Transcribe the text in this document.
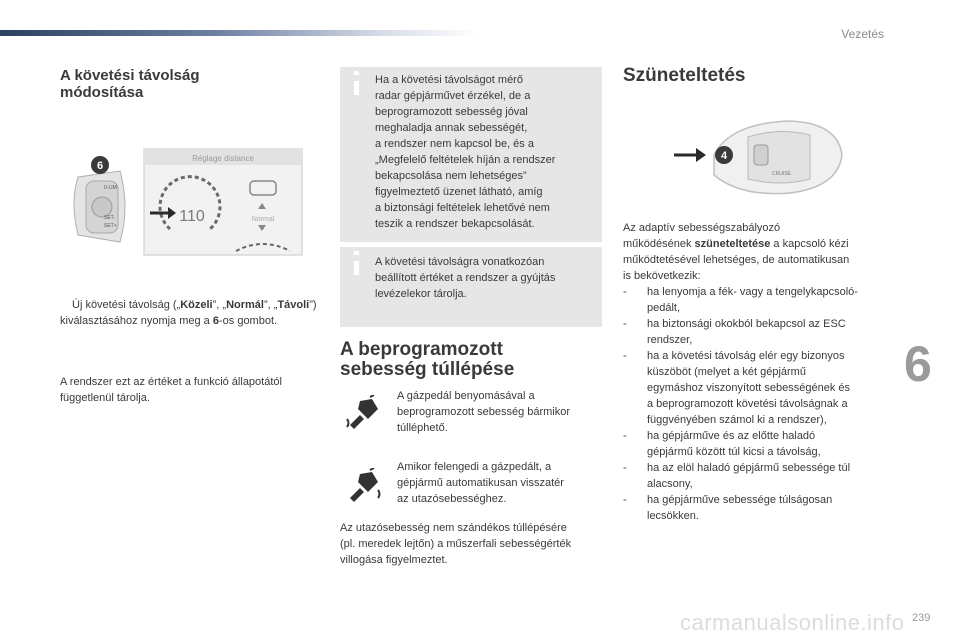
Vezetés
6
239
carmanualsonline.info
A követési távolság
módosítása
0-LIM
SET-
SET+
6
Réglage distance
110	Normal

Új követési távolság („Közeli”, „Normál”, „Távoli”) kiválasztásához nyomja meg a 6-os gombot.

A rendszer ezt az értéket a funkció állapotától függetlenül tárolja.

Ha a követési távolságot mérő
radar gépjárművet érzékel, de a
beprogramozott sebesség jóval
meghaladja annak sebességét,
a rendszer nem kapcsol be, és a
„Megfelelő feltételek híján a rendszer
bekapcsolása nem lehetséges”
figyelmeztető üzenet látható, amíg
a biztonsági feltételek lehetővé nem
teszik a rendszer bekapcsolását.
A követési távolságra vonatkozóan
beállított értéket a rendszer a gyújtás
levézelekor tárolja.
A beprogramozott
sebesség túllépése
A gázpedál benyomásával a
beprogramozott sebesség bármikor
túlléphető.
Amikor felengedi a gázpedált, a
gépjármű automatikusan visszatér
az utazósebességhez.
Az utazósebesség nem szándékos túllépésére
(pl. meredek lejtőn) a műszerfali sebességérték
villogása figyelmeztet.
Szüneteltetés
CRUISE
4
Az adaptív sebességszabályozó
működésének szüneteltetése a kapcsoló kézi
működtetésével lehetséges, de automatikusan
is bekövetkezik:
- ha lenyomja a fék- vagy a tengelykapcsoló-
pedált,
- ha biztonsági okokból bekapcsol az ESC
rendszer,
- ha a követési távolság elér egy bizonyos
küszöböt (melyet a két gépjármű
egymáshoz viszonyított sebességének és
a beprogramozott követési távolságnak a
függvényében számol ki a rendszer),
- ha gépjárműve és az előtte haladó
gépjármű között túl kicsi a távolság,
- ha az elöl haladó gépjármű sebessége túl
alacsony,
- ha gépjárműve sebessége túlságosan
lecsökken.
